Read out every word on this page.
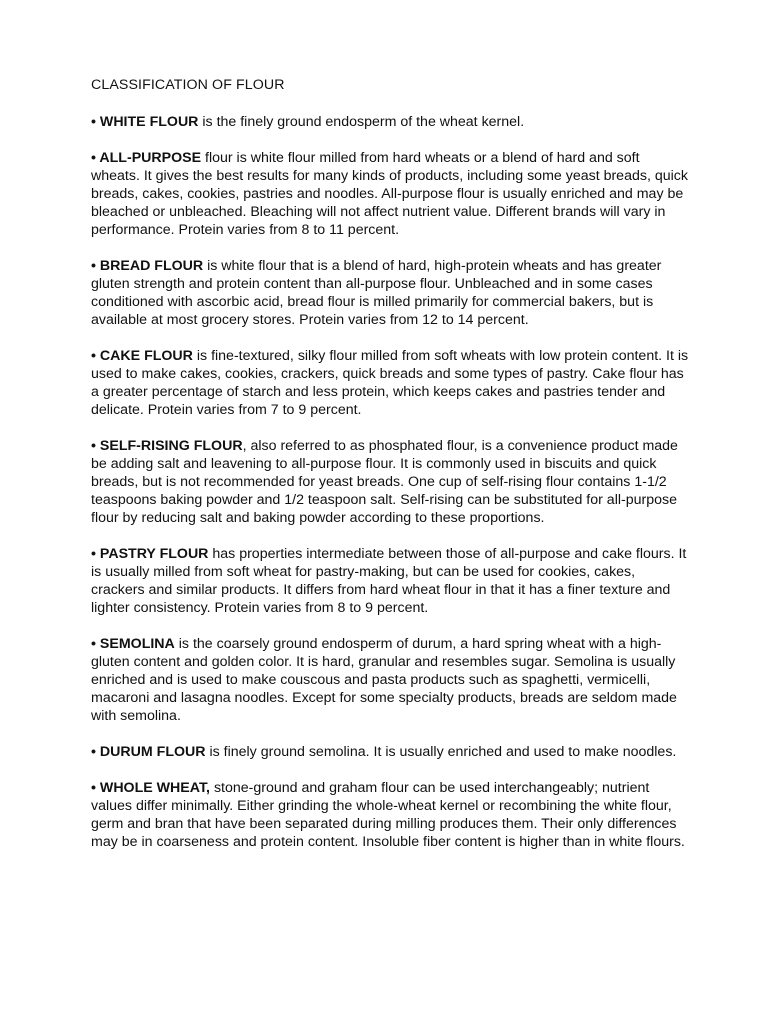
CLASSIFICATION OF FLOUR

• WHITE FLOUR is the finely ground endosperm of the wheat kernel.

• ALL-PURPOSE flour is white flour milled from hard wheats or a blend of hard and soft wheats. It gives the best results for many kinds of products, including some yeast breads, quick breads, cakes, cookies, pastries and noodles. All-purpose flour is usually enriched and may be bleached or unbleached. Bleaching will not affect nutrient value. Different brands will vary in performance. Protein varies from 8 to 11 percent.

• BREAD FLOUR is white flour that is a blend of hard, high-protein wheats and has greater gluten strength and protein content than all-purpose flour. Unbleached and in some cases conditioned with ascorbic acid, bread flour is milled primarily for commercial bakers, but is available at most grocery stores. Protein varies from 12 to 14 percent.

• CAKE FLOUR is fine-textured, silky flour milled from soft wheats with low protein content. It is used to make cakes, cookies, crackers, quick breads and some types of pastry. Cake flour has a greater percentage of starch and less protein, which keeps cakes and pastries tender and delicate. Protein varies from 7 to 9 percent.

• SELF-RISING FLOUR, also referred to as phosphated flour, is a convenience product made be adding salt and leavening to all-purpose flour. It is commonly used in biscuits and quick breads, but is not recommended for yeast breads. One cup of self-rising flour contains 1-1/2 teaspoons baking powder and 1/2 teaspoon salt. Self-rising can be substituted for all-purpose flour by reducing salt and baking powder according to these proportions.

• PASTRY FLOUR has properties intermediate between those of all-purpose and cake flours. It is usually milled from soft wheat for pastry-making, but can be used for cookies, cakes, crackers and similar products. It differs from hard wheat flour in that it has a finer texture and lighter consistency. Protein varies from 8 to 9 percent.

• SEMOLINA is the coarsely ground endosperm of durum, a hard spring wheat with a high-gluten content and golden color. It is hard, granular and resembles sugar. Semolina is usually enriched and is used to make couscous and pasta products such as spaghetti, vermicelli, macaroni and lasagna noodles. Except for some specialty products, breads are seldom made with semolina.

• DURUM FLOUR is finely ground semolina. It is usually enriched and used to make noodles.

• WHOLE WHEAT, stone-ground and graham flour can be used interchangeably; nutrient values differ minimally. Either grinding the whole-wheat kernel or recombining the white flour, germ and bran that have been separated during milling produces them. Their only differences may be in coarseness and protein content. Insoluble fiber content is higher than in white flours.
